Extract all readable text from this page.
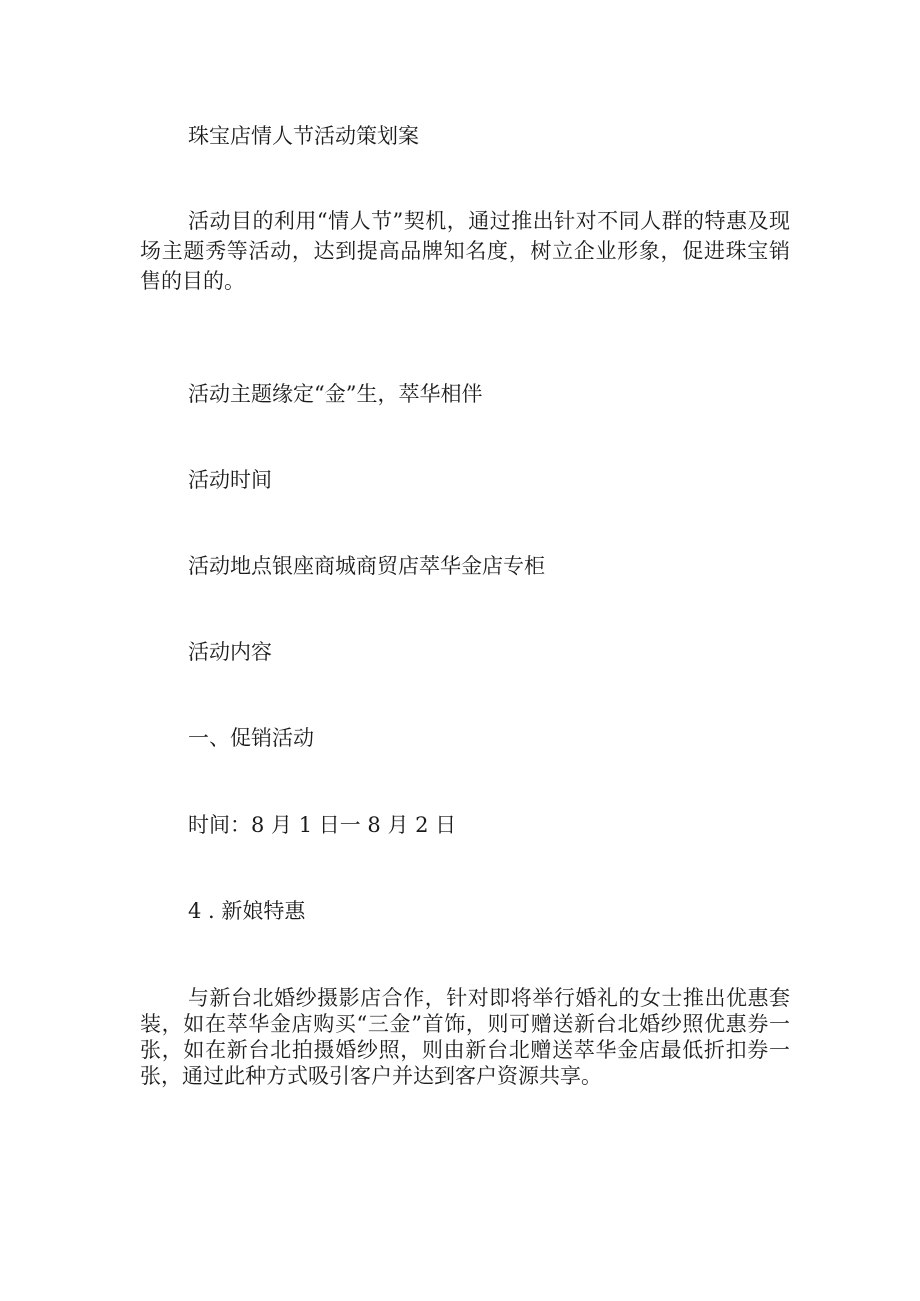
珠宝店情人节活动策划案
活动目的利用“情人节”契机，通过推出针对不同人群的特惠及现场主题秀等活动，达到提高品牌知名度，树立企业形象，促进珠宝销售的目的。
活动主题缘定“金”生，萃华相伴
活动时间
活动地点银座商城商贸店萃华金店专柜
活动内容
一、促销活动
时间：8 月 1 日一 8 月 2 日
4 . 新娘特惠
与新台北婚纱摄影店合作，针对即将举行婚礼的女士推出优惠套装，如在萃华金店购买“三金”首饰，则可赠送新台北婚纱照优惠券一张，如在新台北拍摄婚纱照，则由新台北赠送萃华金店最低折扣券一张，通过此种方式吸引客户并达到客户资源共享。
